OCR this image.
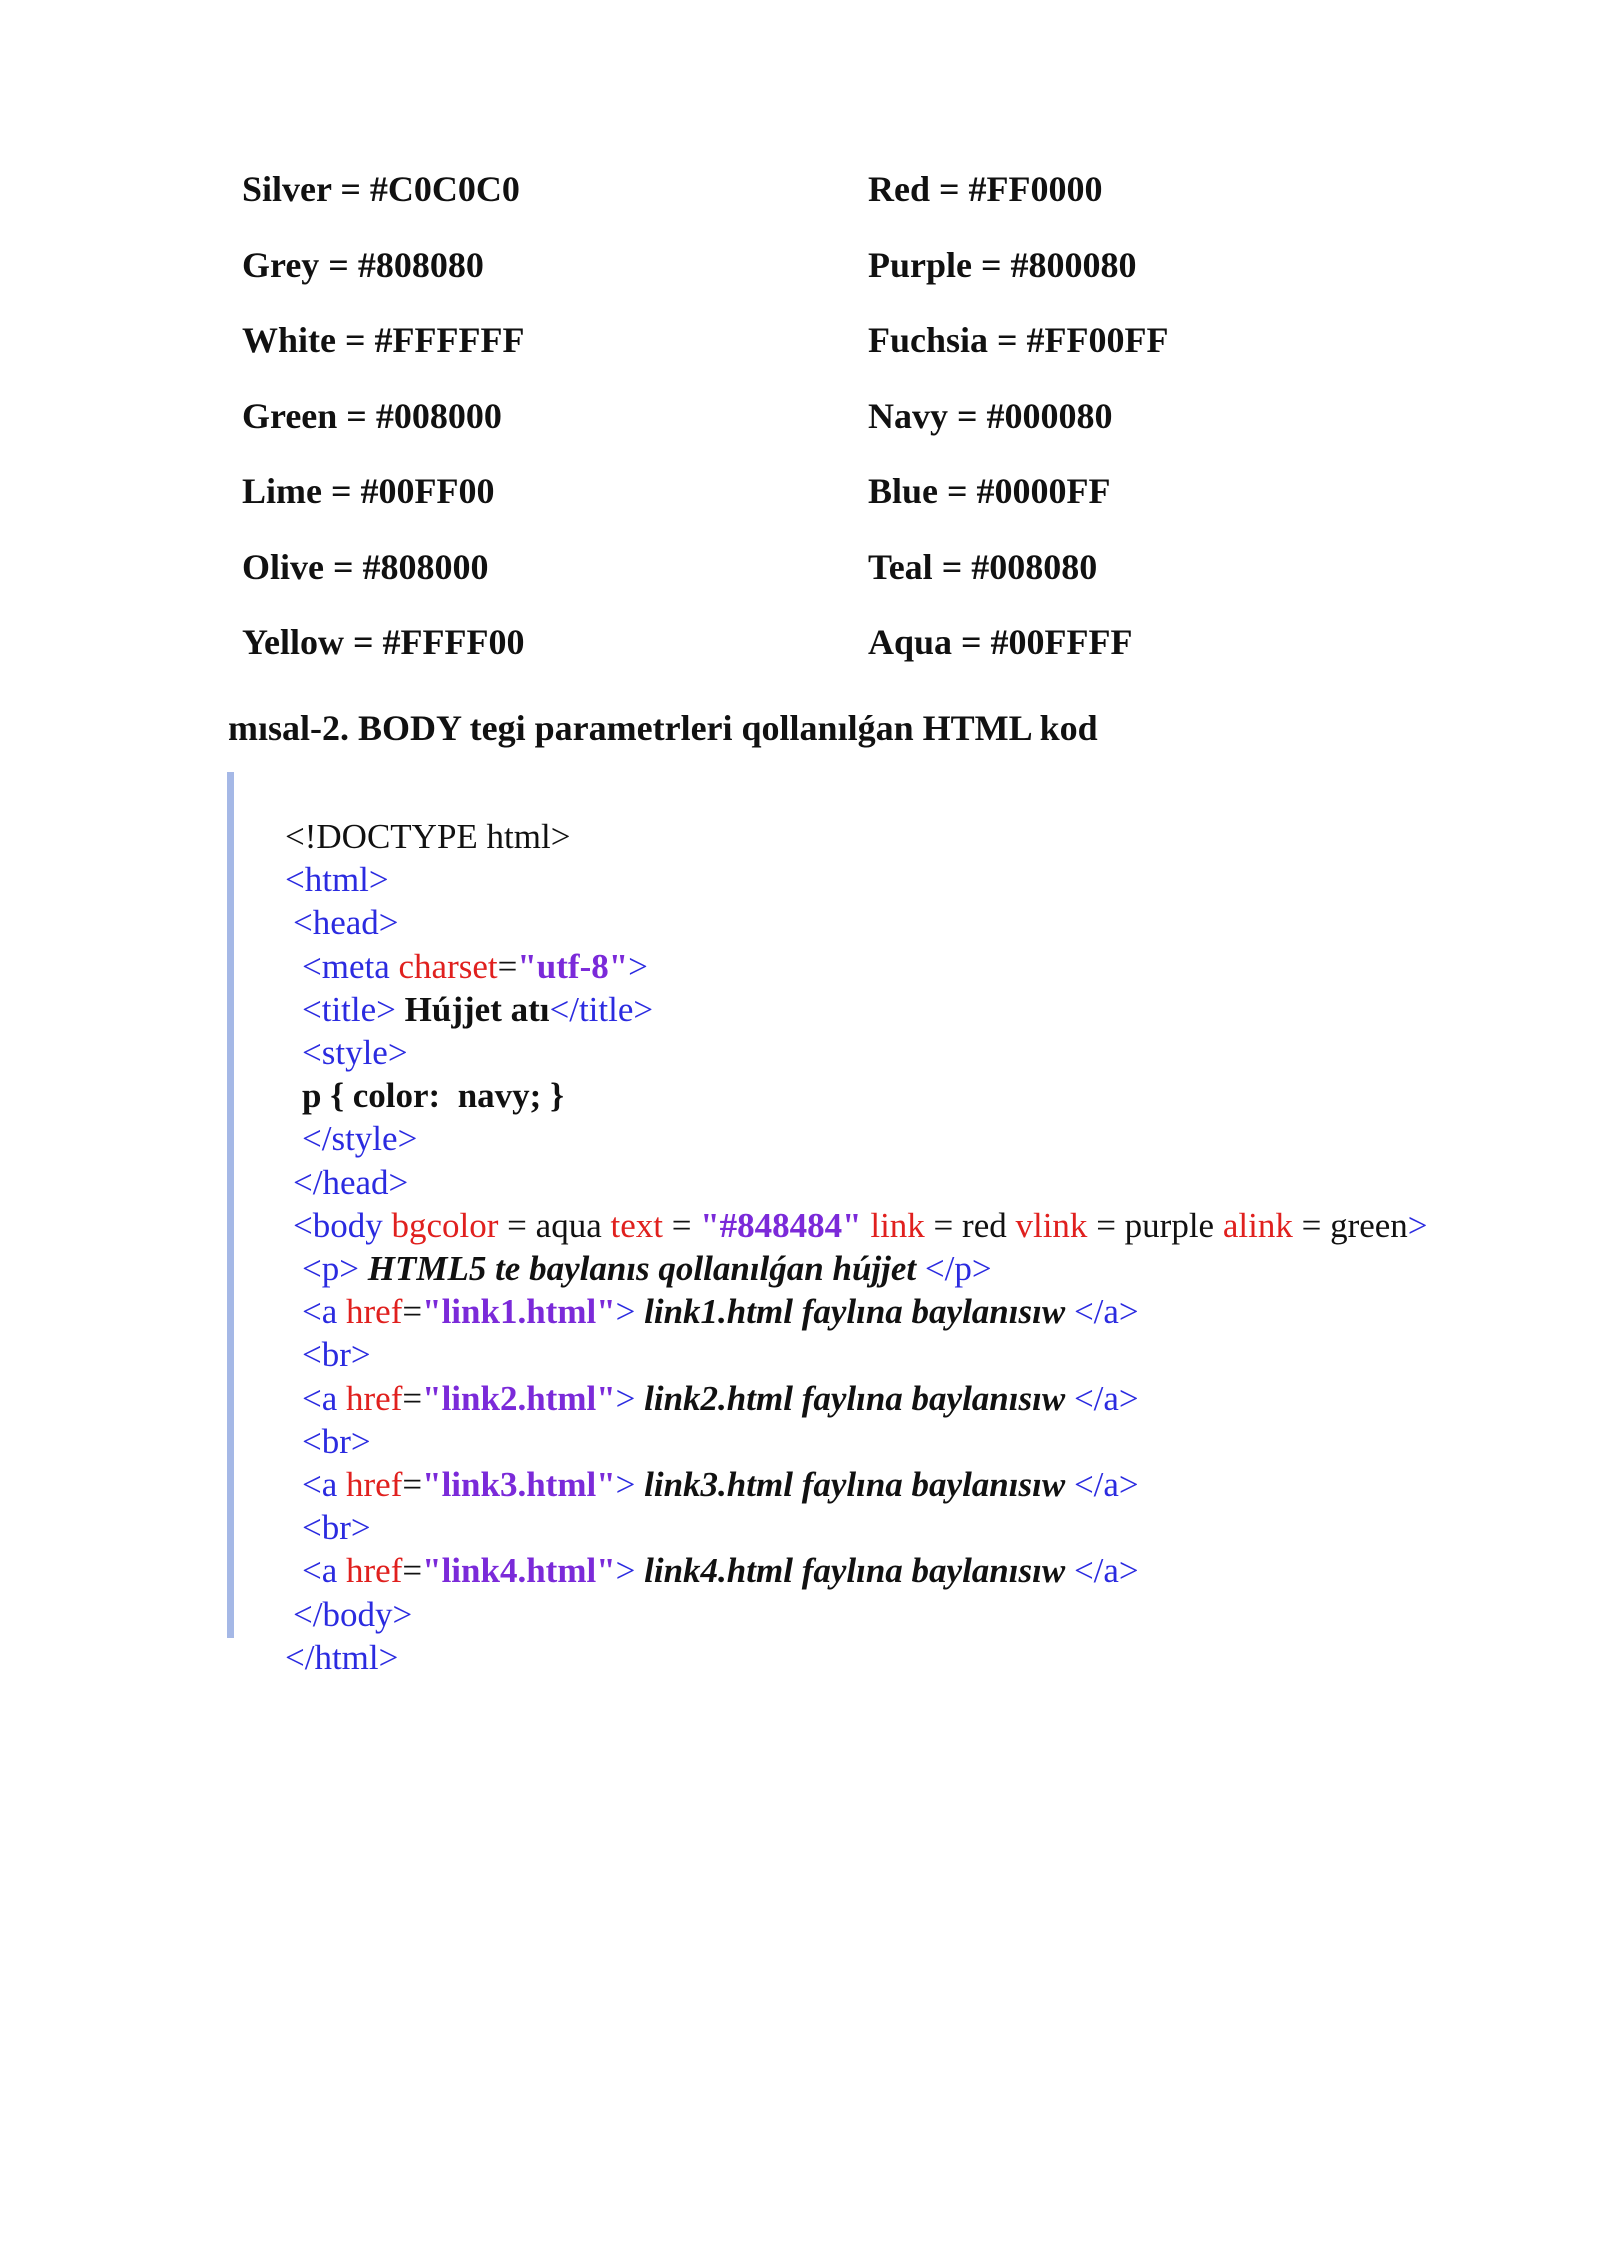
Silver = #C0C0C0	Red = #FF0000
Grey = #808080	Purple = #800080
White = #FFFFFF	Fuchsia = #FF00FF
Green = #008000	Navy = #000080
Lime = #00FF00	Blue = #0000FF
Olive = #808000	Teal = #008080
Yellow = #FFFF00	Aqua = #00FFFF
mısal-2. BODY tegi parametrleri qollanılǵan HTML kod

<!DOCTYPE html>

<html>

<head>

<meta charset="utf-8">

<title> Hújjet atı</title>

<style>

p { color:  navy; }

</style>

</head>

<body bgcolor = aqua text = "#848484" link = red vlink = purple alink = green>

<p> HTML5 te baylanıs qollanılǵan hújjet </p>

<a href="link1.html"> link1.html faylına baylanısıw </a>

<br>

<a href="link2.html"> link2.html faylına baylanısıw </a>

<br>

<a href="link3.html"> link3.html faylına baylanısıw </a>

<br>

<a href="link4.html"> link4.html faylına baylanısıw </a>

</body>

</html>
